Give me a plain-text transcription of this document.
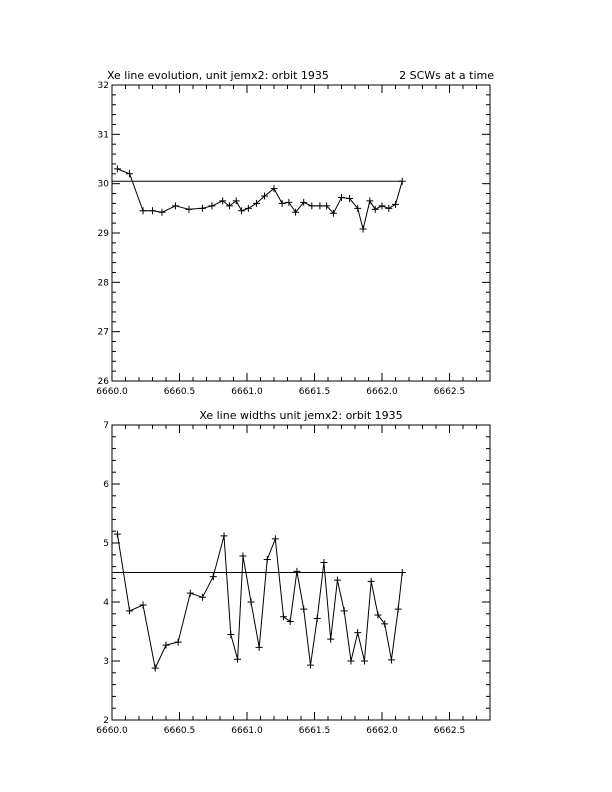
Xe line evolution, unit jemx2: orbit 1935	2 SCWs at a time
6660.0	6660.5	6661.0	6661.5	6662.0	6662.5
26
27
28
29
30
31
32
Xe line widths unit jemx2: orbit 1935
6660.0	6660.5	6661.0	6661.5	6662.0	6662.5
2
3
4
5
6
7
